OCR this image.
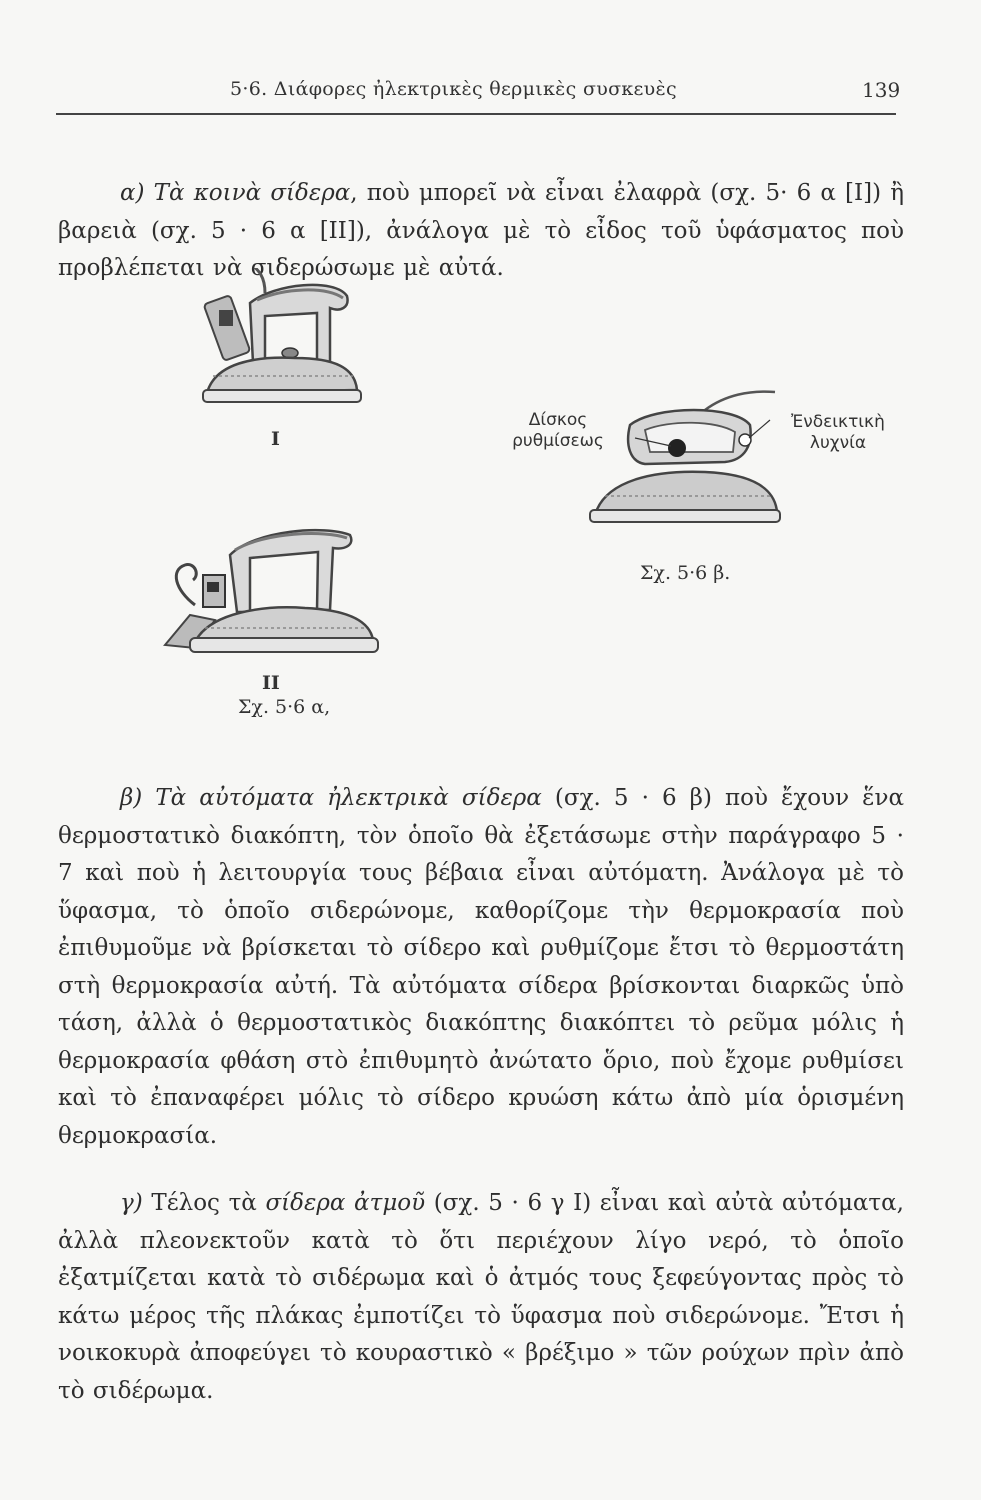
5·6. Διάφορες ἠλεκτρικὲς θερμικὲς συσκευὲς	139

α) Τὰ κοινὰ σίδερα, ποὺ μπορεῖ νὰ εἶναι ἐλαφρὰ (σχ. 5· 6 α [I]) ἢ βαρειὰ (σχ. 5 · 6 α [II]), ἀνάλογα μὲ τὸ εἶδος τοῦ ὑφάσματος ποὺ προβλέπεται νὰ σιδερώσωμε μὲ αὐτά.

I
Δίσκος ρυθμίσεως
Ἐνδεικτικὴ λυχνία
Σχ. 5·6 β.
II
Σχ. 5·6 α,

β) Τὰ αὐτόματα ἠλεκτρικὰ σίδερα (σχ. 5 · 6 β) ποὺ ἔχουν ἕνα θερμοστατικὸ διακόπτη, τὸν ὁποῖο θὰ ἐξετάσωμε στὴν παράγραφο 5 · 7 καὶ ποὺ ἡ λειτουργία τους βέβαια εἶναι αὐτόματη. Ἀνάλογα μὲ τὸ ὕφασμα, τὸ ὁποῖο σιδερώνομε, καθορίζομε τὴν θερμοκρασία ποὺ ἐπιθυμοῦμε νὰ βρίσκεται τὸ σίδερο καὶ ρυθμίζομε ἔτσι τὸ θερμοστάτη στὴ θερμοκρασία αὐτή. Τὰ αὐτόματα σίδερα βρίσκονται διαρκῶς ὑπὸ τάση, ἀλλὰ ὁ θερμοστατικὸς διακόπτης διακόπτει τὸ ρεῦμα μόλις ἡ θερμοκρασία φθάση στὸ ἐπιθυμητὸ ἀνώτατο ὅριο, ποὺ ἔχομε ρυθμίσει καὶ τὸ ἐπαναφέρει μόλις τὸ σίδερο κρυώση κάτω ἀπὸ μία ὁρισμένη θερμοκρασία.

γ) Τέλος τὰ σίδερα ἀτμοῦ (σχ. 5 · 6 γ I) εἶναι καὶ αὐτὰ αὐτόματα, ἀλλὰ πλεονεκτοῦν κατὰ τὸ ὅτι περιέχουν λίγο νερό, τὸ ὁποῖο ἐξατμίζεται κατὰ τὸ σιδέρωμα καὶ ὁ ἀτμός τους ξεφεύγοντας πρὸς τὸ κάτω μέρος τῆς πλάκας ἐμποτίζει τὸ ὕφασμα ποὺ σιδερώνομε. Ἔτσι ἡ νοικοκυρὰ ἀποφεύγει τὸ κουραστικὸ « βρέξιμο » τῶν ρούχων πρὶν ἀπὸ τὸ σιδέρωμα.
